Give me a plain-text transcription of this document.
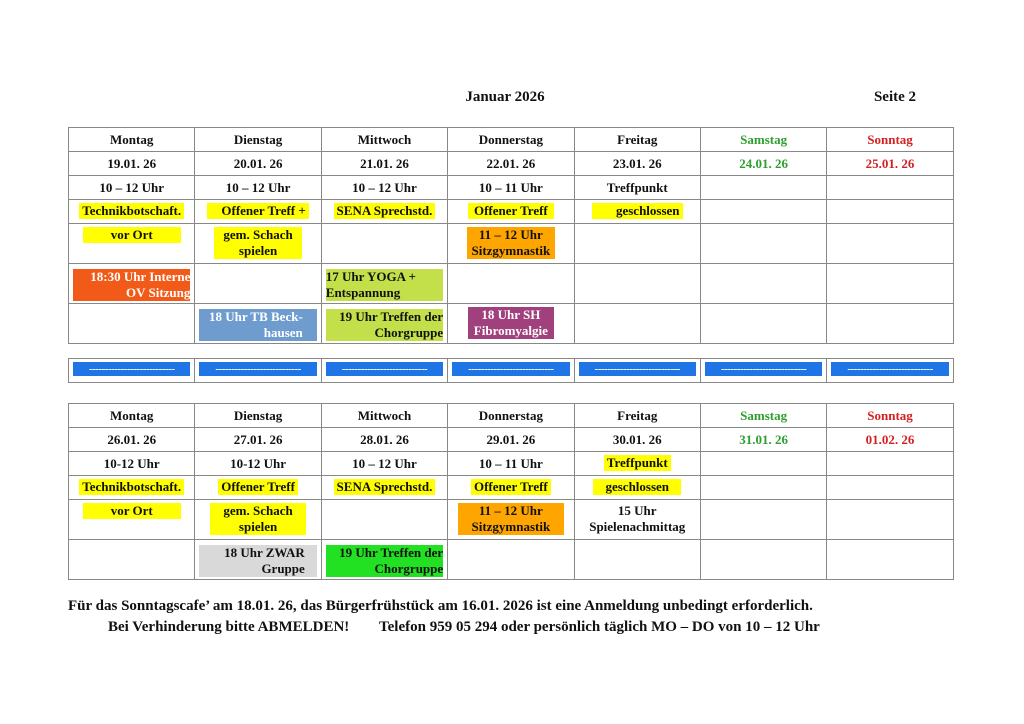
Januar 2026	Seite 2
Montag	Dienstag	Mittwoch	Donnerstag	Freitag	Samstag	Sonntag
19.01. 26	20.01. 26	21.01. 26	22.01. 26	23.01. 26	24.01. 26	25.01. 26
10 – 12 Uhr	10 – 12 Uhr	10 – 12 Uhr	10 – 11 Uhr	Treffpunkt		
Technikbotschaft.	Offener Treff +	SENA Sprechstd.	Offener Treff	geschlossen		
vor Ort	gem. Schach spielen		11 – 12 Uhr Sitzgymnastik			

18:30 Uhr Interne OV Sitzung		17 Uhr YOGA + Entspannung				

	18 Uhr TB Beck- hausen	19 Uhr Treffen der Chorgruppe	18 Uhr SH Fibromyalgie			
---------------------------	---------------------------	---------------------------	---------------------------	---------------------------	---------------------------	---------------------------
Montag	Dienstag	Mittwoch	Donnerstag	Freitag	Samstag	Sonntag
26.01. 26	27.01. 26	28.01. 26	29.01. 26	30.01. 26	31.01. 26	01.02. 26
10-12 Uhr	10-12 Uhr	10 – 12 Uhr	10 – 11 Uhr	Treffpunkt		
Technikbotschaft.	Offener Treff	SENA Sprechstd.	Offener Treff	geschlossen		
vor Ort	gem. Schach spielen		11 – 12 Uhr Sitzgymnastik	15 Uhr Spielenachmittag		

	18 Uhr ZWAR Gruppe	19 Uhr Treffen der Chorgruppe				

Für das Sonntagscafe’ am 18.01. 26, das Bürgerfrühstück am 16.01. 2026 ist eine Anmeldung unbedingt erforderlich.
Bei Verhinderung bitte ABMELDEN!        Telefon 959 05 294 oder persönlich täglich MO – DO von 10 – 12 Uhr
